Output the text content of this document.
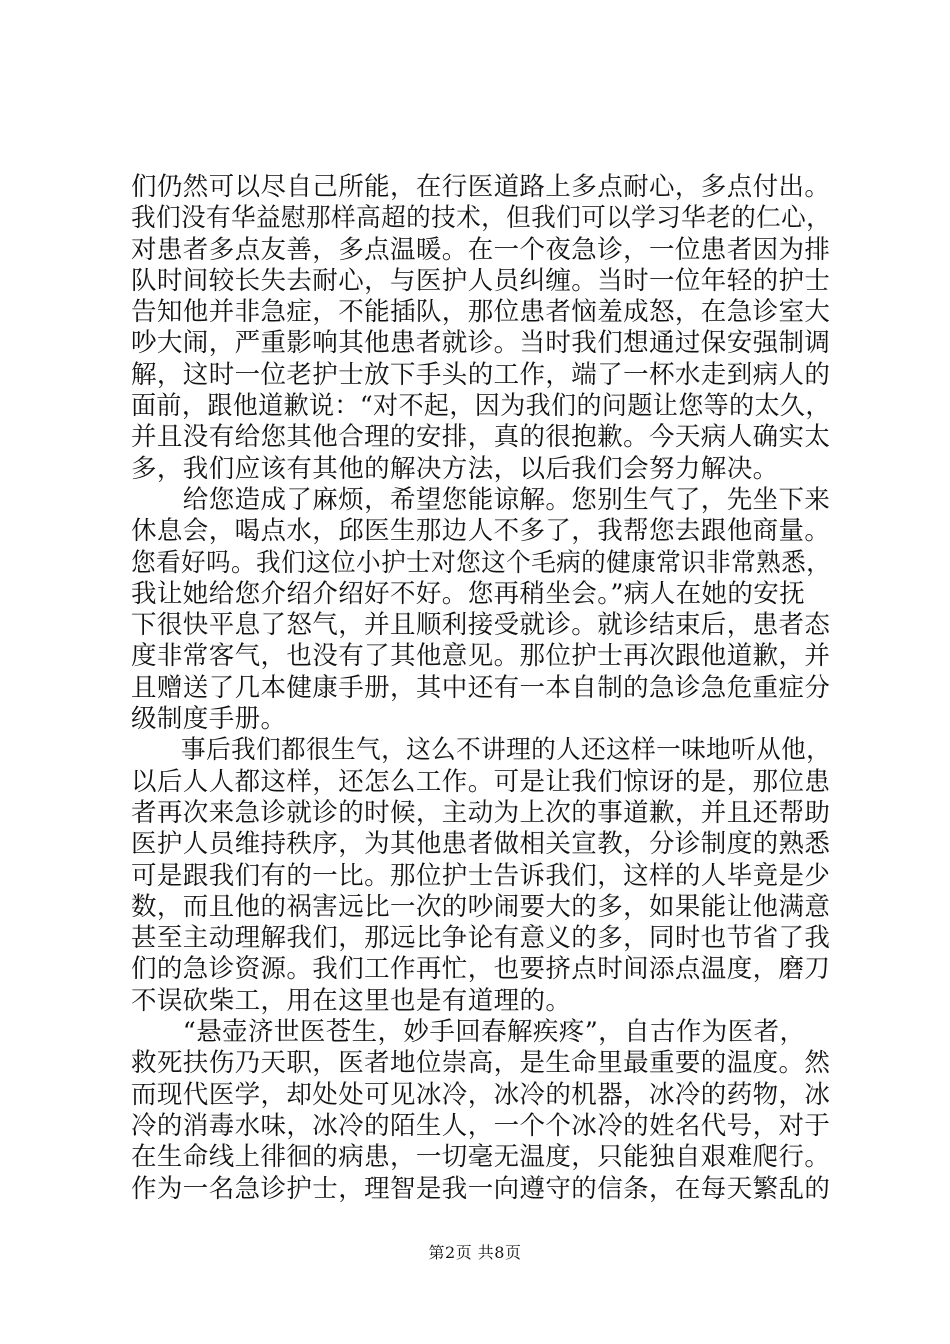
们仍然可以尽自己所能，在行医道路上多点耐心，多点付出。
我们没有华益慰那样高超的技术，但我们可以学习华老的仁心，
对患者多点友善，多点温暖。在一个夜急诊，一位患者因为排
队时间较长失去耐心，与医护人员纠缠。当时一位年轻的护士
告知他并非急症，不能插队，那位患者恼羞成怒，在急诊室大
吵大闹，严重影响其他患者就诊。当时我们想通过保安强制调
解，这时一位老护士放下手头的工作，端了一杯水走到病人的
面前，跟他道歉说：“对不起，因为我们的问题让您等的太久，
并且没有给您其他合理的安排，真的很抱歉。今天病人确实太
多，我们应该有其他的解决方法，以后我们会努力解决。
　　给您造成了麻烦，希望您能谅解。您别生气了，先坐下来
休息会，喝点水，邱医生那边人不多了，我帮您去跟他商量。
您看好吗。我们这位小护士对您这个毛病的健康常识非常熟悉，
我让她给您介绍介绍好不好。您再稍坐会。”病人在她的安抚
下很快平息了怒气，并且顺利接受就诊。就诊结束后，患者态
度非常客气，也没有了其他意见。那位护士再次跟他道歉，并
且赠送了几本健康手册，其中还有一本自制的急诊急危重症分
级制度手册。
　　事后我们都很生气，这么不讲理的人还这样一味地听从他，
以后人人都这样，还怎么工作。可是让我们惊讶的是，那位患
者再次来急诊就诊的时候，主动为上次的事道歉，并且还帮助
医护人员维持秩序，为其他患者做相关宣教，分诊制度的熟悉
可是跟我们有的一比。那位护士告诉我们，这样的人毕竟是少
数，而且他的祸害远比一次的吵闹要大的多，如果能让他满意
甚至主动理解我们，那远比争论有意义的多，同时也节省了我
们的急诊资源。我们工作再忙，也要挤点时间添点温度，磨刀
不误砍柴工，用在这里也是有道理的。
　　“悬壶济世医苍生，妙手回春解疾疼”，自古作为医者，
救死扶伤乃天职，医者地位崇高，是生命里最重要的温度。然
而现代医学，却处处可见冰冷，冰冷的机器，冰冷的药物，冰
冷的消毒水味，冰冷的陌生人，一个个冰冷的姓名代号，对于
在生命线上徘徊的病患，一切毫无温度，只能独自艰难爬行。
作为一名急诊护士，理智是我一向遵守的信条，在每天繁乱的
第2页 共8页
